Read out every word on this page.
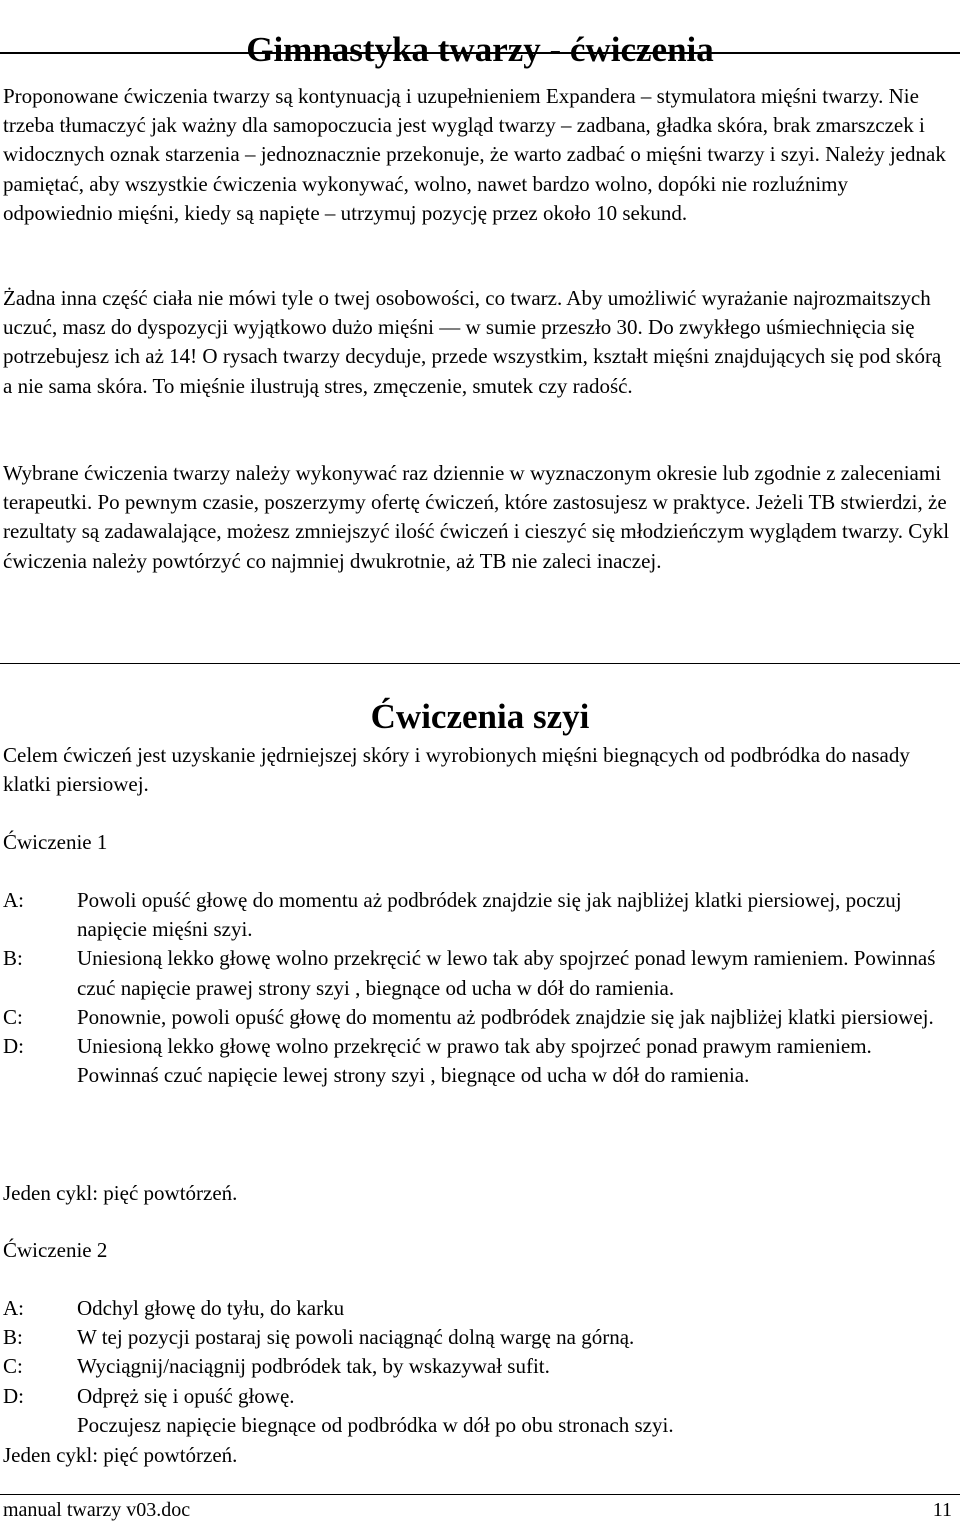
Gimnastyka twarzy - ćwiczenia

Proponowane ćwiczenia twarzy są kontynuacją i uzupełnieniem Expandera – stymulatora mięśni twarzy. Nie trzeba tłumaczyć jak ważny dla samopoczucia jest wygląd twarzy – zadbana, gładka skóra, brak zmarszczek i widocznych oznak starzenia – jednoznacznie przekonuje, że warto zadbać o mięśni twarzy i szyi. Należy jednak pamiętać, aby wszystkie ćwiczenia wykonywać, wolno, nawet bardzo wolno, dopóki nie rozluźnimy odpowiednio mięśni, kiedy są napięte – utrzymuj pozycję przez około 10 sekund.

Żadna inna część ciała nie mówi tyle o twej osobowości, co twarz. Aby umożliwić wyrażanie najrozmaitszych uczuć, masz do dyspozycji wyjątkowo dużo mięśni — w sumie przeszło 30. Do zwykłego uśmiechnięcia się potrzebujesz ich aż 14! O rysach twarzy decyduje, przede wszystkim, kształt mięśni znajdujących się pod skórą a nie sama skóra. To mięśnie ilustrują stres, zmęczenie, smutek czy radość.

Wybrane ćwiczenia twarzy należy wykonywać raz dziennie w wyznaczonym okresie lub zgodnie z zaleceniami terapeutki. Po pewnym czasie, poszerzymy ofertę ćwiczeń, które zastosujesz w praktyce. Jeżeli TB stwierdzi, że rezultaty są zadawalające, możesz zmniejszyć ilość ćwiczeń i cieszyć się młodzieńczym wyglądem twarzy. Cykl ćwiczenia należy powtórzyć co najmniej dwukrotnie, aż TB nie zaleci inaczej.

Ćwiczenia szyi

Celem ćwiczeń jest uzyskanie jędrniejszej skóry i wyrobionych mięśni biegnących od podbródka do nasady klatki piersiowej.

Ćwiczenie 1

A:	Powoli opuść głowę do momentu aż podbródek znajdzie się jak najbliżej klatki piersiowej, poczuj napięcie mięśni szyi.
B:	Uniesioną lekko głowę wolno przekręcić w lewo tak aby spojrzeć ponad lewym ramieniem. Powinnaś czuć napięcie prawej strony szyi , biegnące od ucha w dół do ramienia.
C:	Ponownie, powoli opuść głowę do momentu aż podbródek znajdzie się jak najbliżej klatki piersiowej.
D:	Uniesioną lekko głowę wolno przekręcić w prawo tak aby spojrzeć ponad prawym ramieniem. Powinnaś czuć napięcie lewej strony szyi , biegnące od ucha w dół do ramienia.

Jeden cykl: pięć powtórzeń.

Ćwiczenie 2

A:	Odchyl głowę do tyłu, do karku
B:	W tej pozycji postaraj się powoli naciągnąć dolną wargę na górną.
C:	Wyciągnij/naciągnij podbródek tak, by wskazywał sufit.
D:	Odpręż się i opuść głowę.
Poczujesz napięcie biegnące od podbródka w dół po obu stronach szyi.

Jeden cykl: pięć powtórzeń.

manual twarzy v03.doc	11
